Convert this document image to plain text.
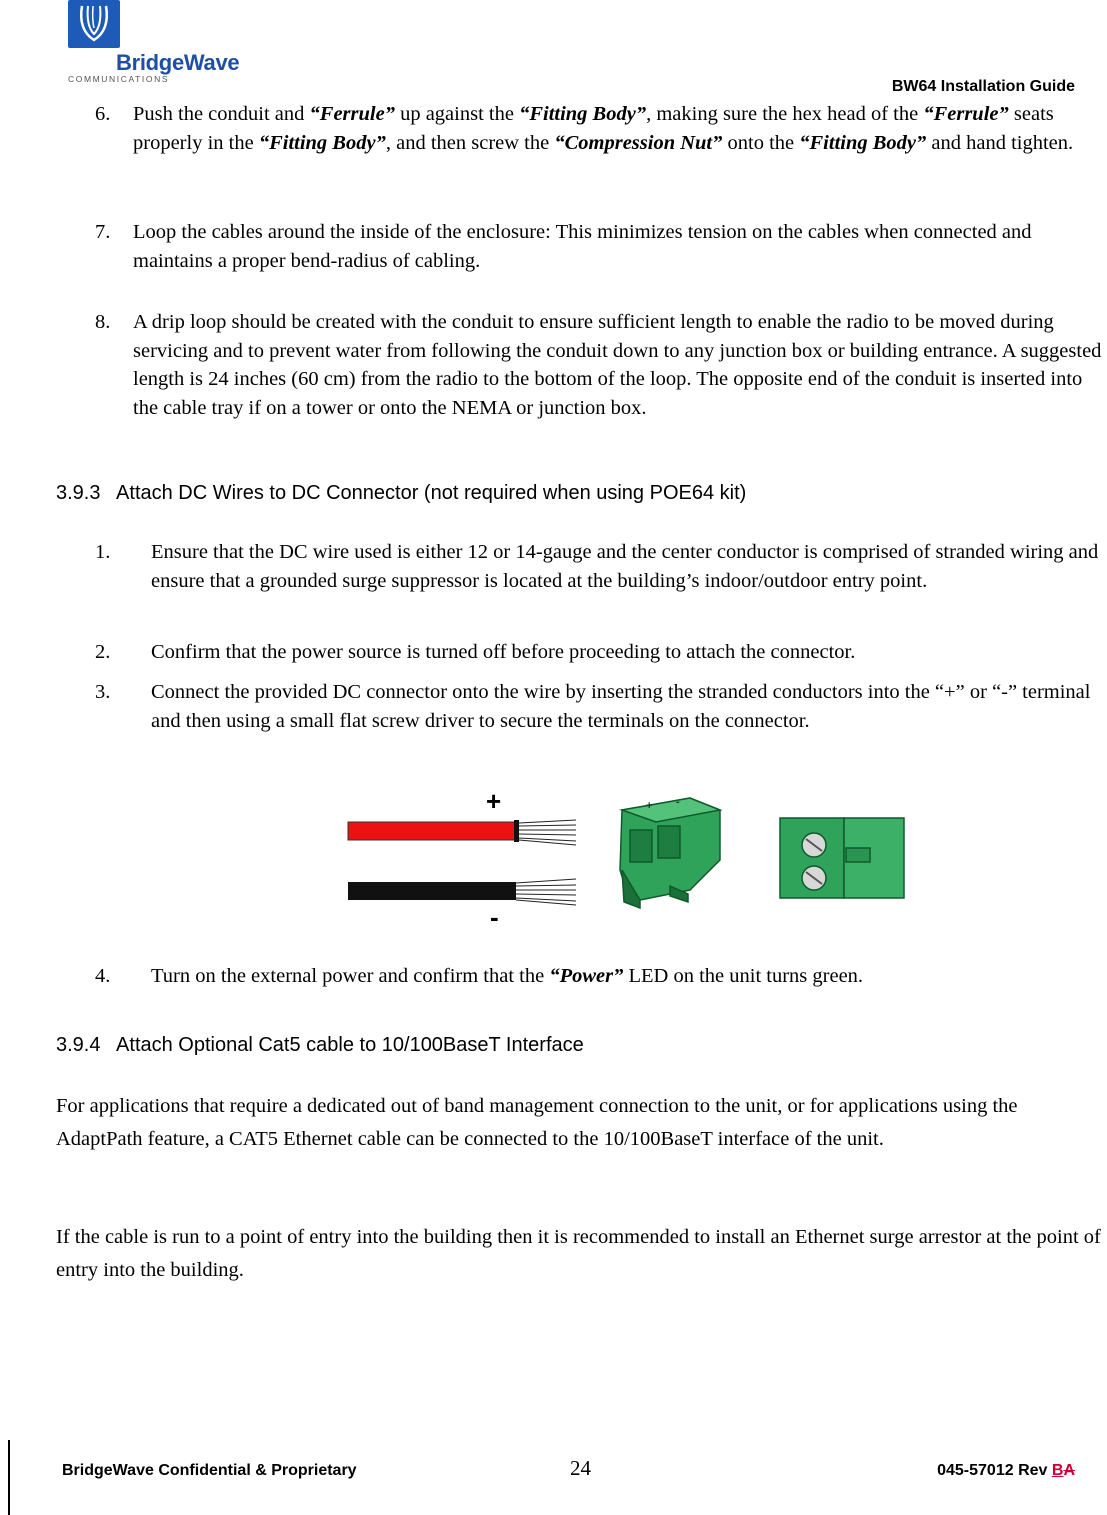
BridgeWave
COMMUNICATIONS	BW64 Installation Guide
6. Push the conduit and “Ferrule” up against the “Fitting Body”, making sure the hex head of the “Ferrule” seats properly in the “Fitting Body”, and then screw the “Compression Nut” onto the “Fitting Body” and hand tighten.
7. Loop the cables around the inside of the enclosure: This minimizes tension on the cables when connected and maintains a proper bend-radius of cabling.
8. A drip loop should be created with the conduit to ensure sufficient length to enable the radio to be moved during servicing and to prevent water from following the conduit down to any junction box or building entrance. A suggested length is 24 inches (60 cm) from the radio to the bottom of the loop. The opposite end of the conduit is inserted into the cable tray if on a tower or onto the NEMA or junction box.
3.9.3   Attach DC Wires to DC Connector (not required when using POE64 kit)
1. Ensure that the DC wire used is either 12 or 14-gauge and the center conductor is comprised of stranded wiring and ensure that a grounded surge suppressor is located at the building’s indoor/outdoor entry point.
2. Confirm that the power source is turned off before proceeding to attach the connector.
3. Connect the provided DC connector onto the wire by inserting the stranded conductors into the “+” or “-” terminal and then using a small flat screw driver to secure the terminals on the connector.
+
-
+ -
4. Turn on the external power and confirm that the “Power” LED on the unit turns green.
3.9.4   Attach Optional Cat5 cable to 10/100BaseT Interface
For applications that require a dedicated out of band management connection to the unit, or for applications using the AdaptPath feature, a CAT5 Ethernet cable can be connected to the 10/100BaseT interface of the unit.
If the cable is run to a point of entry into the building then it is recommended to install an Ethernet surge arrestor at the point of entry into the building.
BridgeWave Confidential & Proprietary	24	045-57012 Rev BA
